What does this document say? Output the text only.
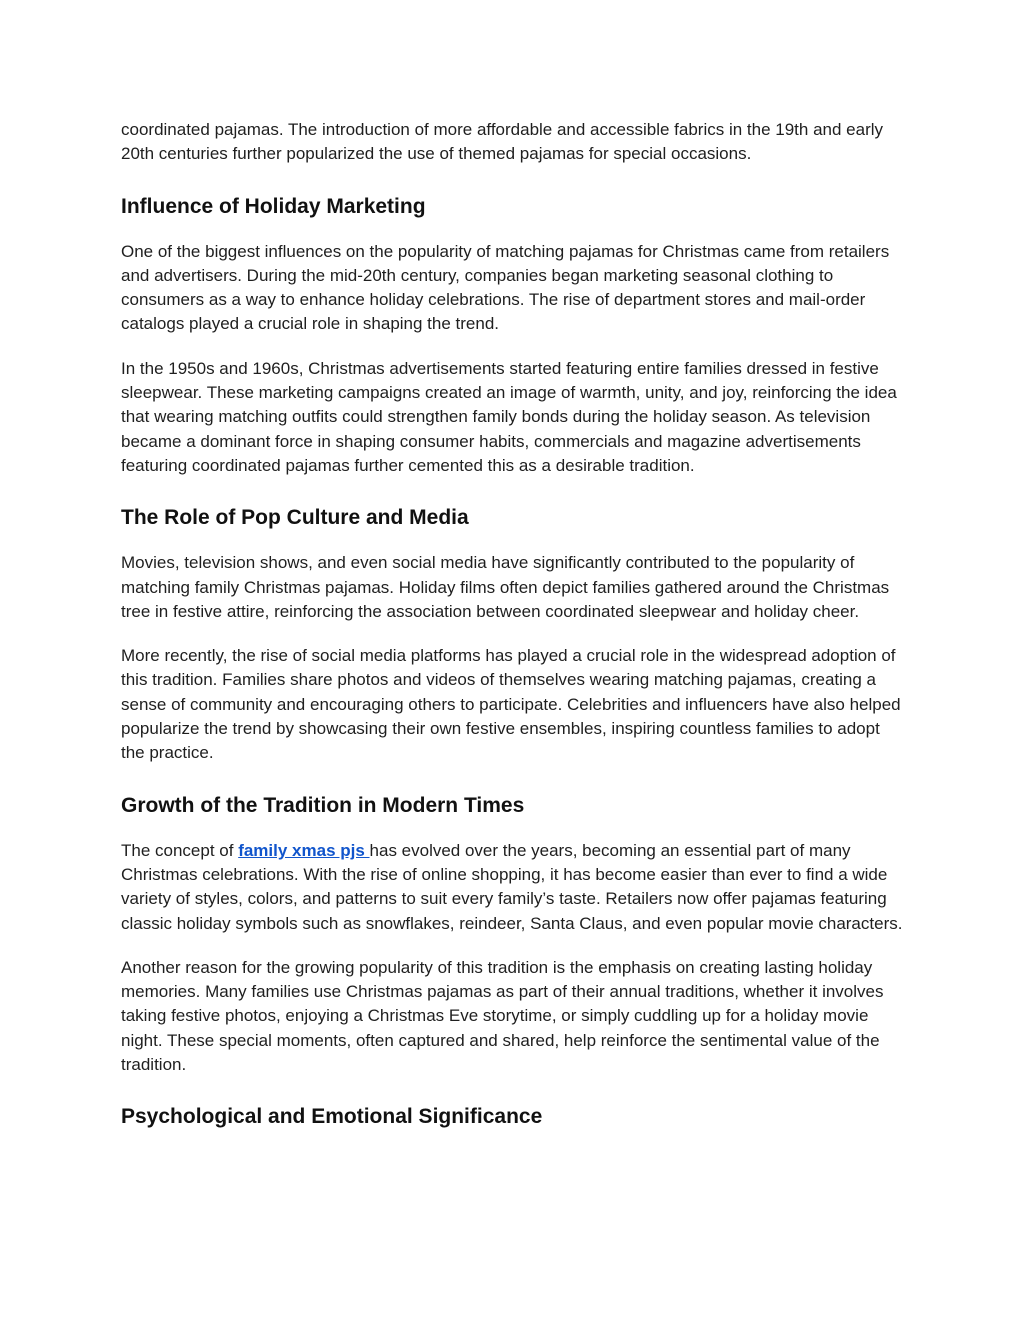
coordinated pajamas. The introduction of more affordable and accessible fabrics in the 19th and early 20th centuries further popularized the use of themed pajamas for special occasions.

Influence of Holiday Marketing

One of the biggest influences on the popularity of matching pajamas for Christmas came from retailers and advertisers. During the mid-20th century, companies began marketing seasonal clothing to consumers as a way to enhance holiday celebrations. The rise of department stores and mail-order catalogs played a crucial role in shaping the trend.

In the 1950s and 1960s, Christmas advertisements started featuring entire families dressed in festive sleepwear. These marketing campaigns created an image of warmth, unity, and joy, reinforcing the idea that wearing matching outfits could strengthen family bonds during the holiday season. As television became a dominant force in shaping consumer habits, commercials and magazine advertisements featuring coordinated pajamas further cemented this as a desirable tradition.

The Role of Pop Culture and Media

Movies, television shows, and even social media have significantly contributed to the popularity of matching family Christmas pajamas. Holiday films often depict families gathered around the Christmas tree in festive attire, reinforcing the association between coordinated sleepwear and holiday cheer.

More recently, the rise of social media platforms has played a crucial role in the widespread adoption of this tradition. Families share photos and videos of themselves wearing matching pajamas, creating a sense of community and encouraging others to participate. Celebrities and influencers have also helped popularize the trend by showcasing their own festive ensembles, inspiring countless families to adopt the practice.

Growth of the Tradition in Modern Times

The concept of family xmas pjs has evolved over the years, becoming an essential part of many Christmas celebrations. With the rise of online shopping, it has become easier than ever to find a wide variety of styles, colors, and patterns to suit every family’s taste. Retailers now offer pajamas featuring classic holiday symbols such as snowflakes, reindeer, Santa Claus, and even popular movie characters.

Another reason for the growing popularity of this tradition is the emphasis on creating lasting holiday memories. Many families use Christmas pajamas as part of their annual traditions, whether it involves taking festive photos, enjoying a Christmas Eve storytime, or simply cuddling up for a holiday movie night. These special moments, often captured and shared, help reinforce the sentimental value of the tradition.

Psychological and Emotional Significance
